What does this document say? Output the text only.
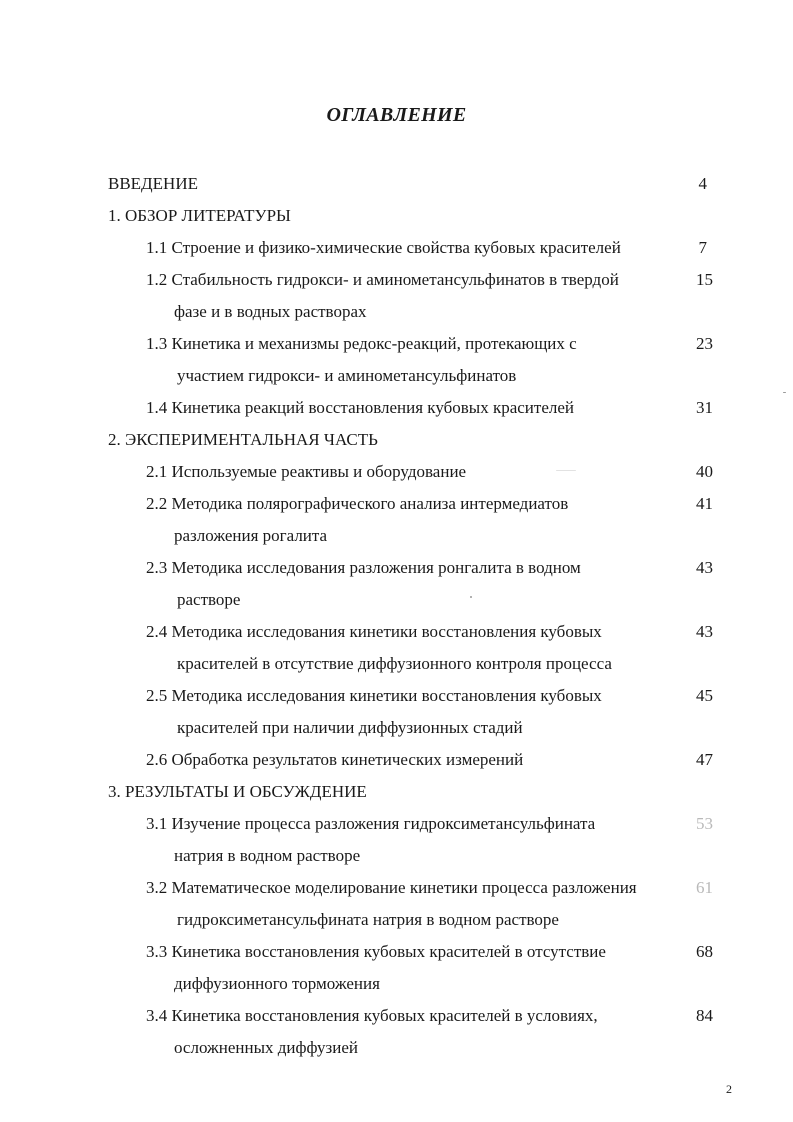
ОГЛАВЛЕНИЕ
ВВЕДЕНИЕ	4
1. ОБЗОР ЛИТЕРАТУРЫ
1.1 Строение и физико-химические свойства кубовых красителей	7
1.2 Стабильность гидрокси- и аминометансульфинатов в твердой	15
фазе и в водных растворах
1.3 Кинетика и механизмы редокс-реакций, протекающих с	23
участием гидрокси- и аминометансульфинатов
1.4 Кинетика реакций восстановления кубовых красителей	31
2. ЭКСПЕРИМЕНТАЛЬНАЯ ЧАСТЬ
2.1 Используемые реактивы и оборудование	40
2.2 Методика полярографического анализа интермедиатов	41
разложения рогалита
2.3 Методика исследования разложения ронгалита в водном	43
растворе
2.4 Методика исследования кинетики восстановления кубовых	43
красителей в отсутствие диффузионного контроля процесса
2.5 Методика исследования кинетики восстановления кубовых	45
красителей при наличии диффузионных стадий
2.6 Обработка результатов кинетических измерений	47
3. РЕЗУЛЬТАТЫ И ОБСУЖДЕНИЕ
3.1 Изучение процесса разложения гидроксиметансульфината	53
натрия в водном растворе
3.2 Математическое моделирование кинетики процесса разложения	61
гидроксиметансульфината натрия в водном растворе
3.3 Кинетика восстановления кубовых красителей в отсутствие	68
диффузионного торможения
3.4 Кинетика восстановления кубовых красителей в условиях,	84
осложненных диффузией
2
